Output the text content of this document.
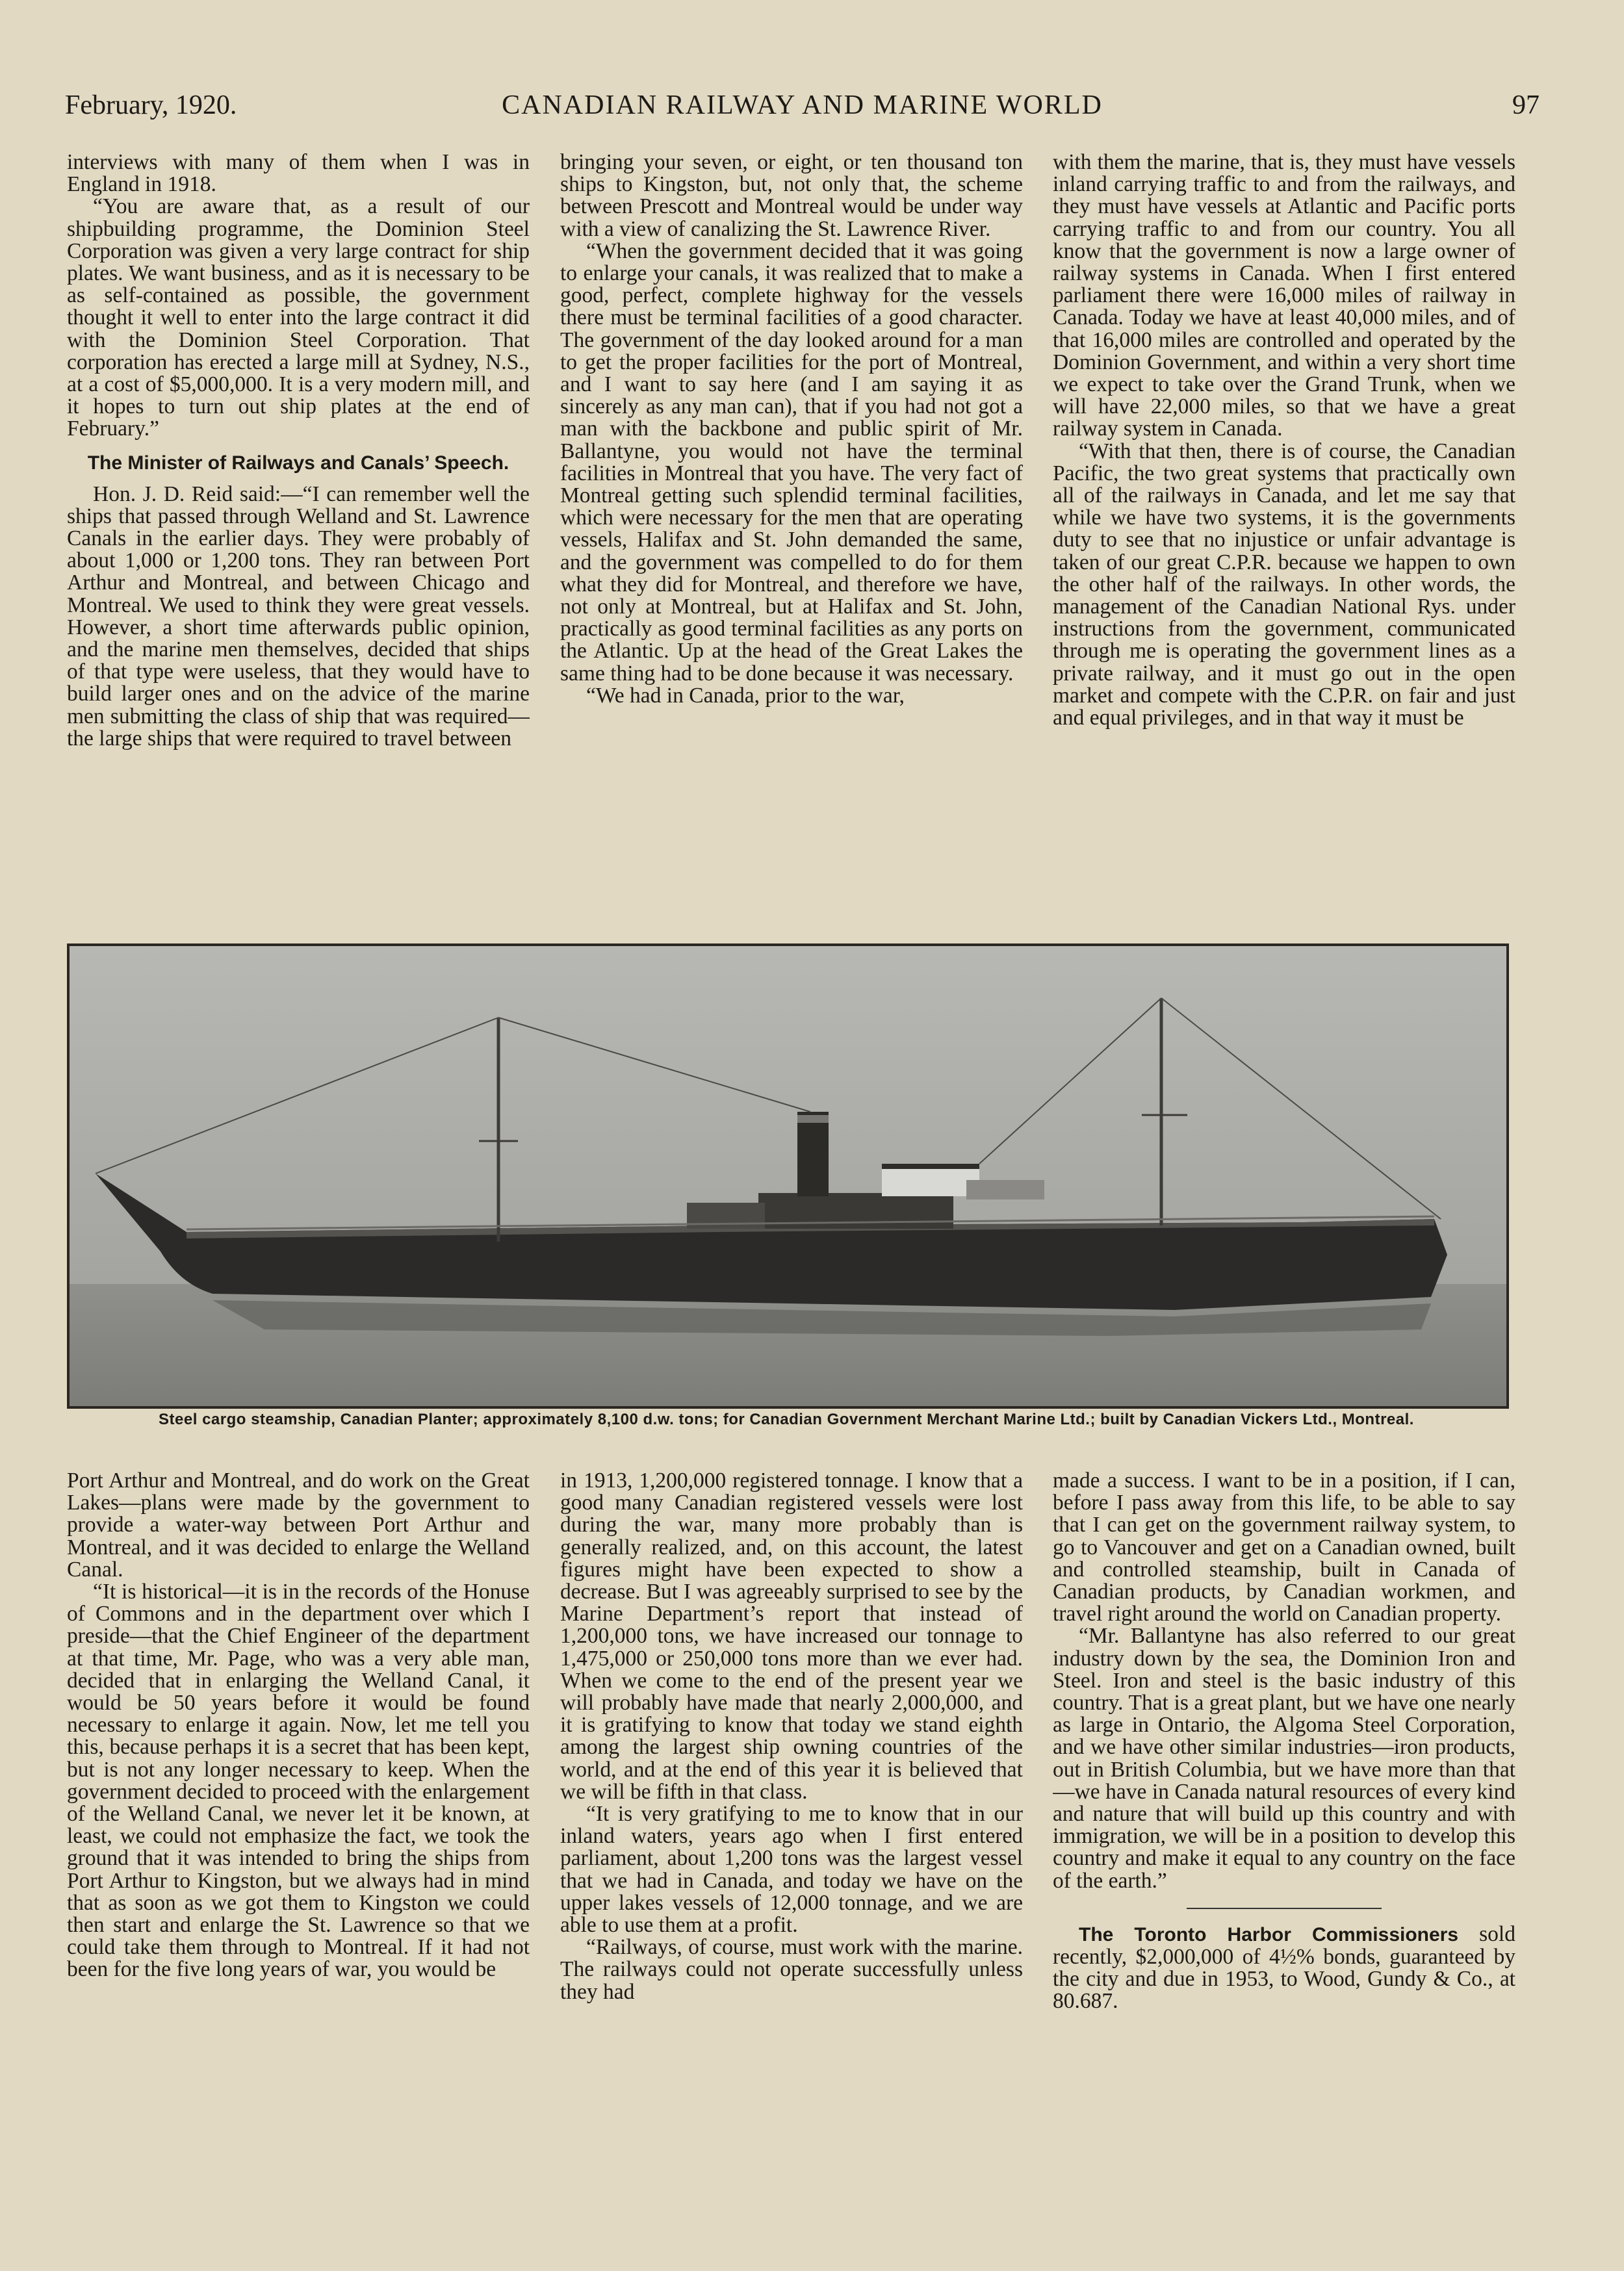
February, 1920.	CANADIAN RAILWAY AND MARINE WORLD	97

interviews with many of them when I was in England in 1918.

“You are aware that, as a result of our shipbuilding programme, the Dominion Steel Corporation was given a very large contract for ship plates. We want business, and as it is necessary to be as self-contained as possible, the government thought it well to enter into the large contract it did with the Dominion Steel Corporation. That corporation has erected a large mill at Sydney, N.S., at a cost of $5,000,000. It is a very modern mill, and it hopes to turn out ship plates at the end of February.”

The Minister of Railways and Canals’ Speech.

Hon. J. D. Reid said:—“I can remember well the ships that passed through Welland and St. Lawrence Canals in the earlier days. They were probably of about 1,000 or 1,200 tons. They ran between Port Arthur and Montreal, and between Chicago and Montreal. We used to think they were great vessels. However, a short time afterwards public opinion, and the marine men themselves, decided that ships of that type were useless, that they would have to build larger ones and on the advice of the marine men submitting the class of ship that was required—the large ships that were required to travel between

bringing your seven, or eight, or ten thousand ton ships to Kingston, but, not only that, the scheme between Prescott and Montreal would be under way with a view of canalizing the St. Lawrence River.

“When the government decided that it was going to enlarge your canals, it was realized that to make a good, perfect, complete highway for the vessels there must be terminal facilities of a good character. The government of the day looked around for a man to get the proper facilities for the port of Montreal, and I want to say here (and I am saying it as sincerely as any man can), that if you had not got a man with the backbone and public spirit of Mr. Ballantyne, you would not have the terminal facilities in Montreal that you have. The very fact of Montreal getting such splendid terminal facilities, which were necessary for the men that are operating vessels, Halifax and St. John demanded the same, and the government was compelled to do for them what they did for Montreal, and therefore we have, not only at Montreal, but at Halifax and St. John, practically as good terminal facilities as any ports on the Atlantic. Up at the head of the Great Lakes the same thing had to be done because it was necessary.

“We had in Canada, prior to the war,

with them the marine, that is, they must have vessels inland carrying traffic to and from the railways, and they must have vessels at Atlantic and Pacific ports carrying traffic to and from our country. You all know that the government is now a large owner of railway systems in Canada. When I first entered parliament there were 16,000 miles of railway in Canada. Today we have at least 40,000 miles, and of that 16,000 miles are controlled and operated by the Dominion Government, and within a very short time we expect to take over the Grand Trunk, when we will have 22,000 miles, so that we have a great railway system in Canada.

“With that then, there is of course, the Canadian Pacific, the two great systems that practically own all of the railways in Canada, and let me say that while we have two systems, it is the governments duty to see that no injustice or unfair advantage is taken of our great C.P.R. because we happen to own the other half of the railways. In other words, the management of the Canadian National Rys. under instructions from the government, communicated through me is operating the government lines as a private railway, and it must go out in the open market and compete with the C.P.R. on fair and just and equal privileges, and in that way it must be

Steel cargo steamship, Canadian Planter; approximately 8,100 d.w. tons; for Canadian Government Merchant Marine Ltd.; built by Canadian Vickers Ltd., Montreal.

Port Arthur and Montreal, and do work on the Great Lakes—plans were made by the government to provide a water-way between Port Arthur and Montreal, and it was decided to enlarge the Welland Canal.

“It is historical—it is in the records of the Honuse of Commons and in the department over which I preside—that the Chief Engineer of the department at that time, Mr. Page, who was a very able man, decided that in enlarging the Welland Canal, it would be 50 years before it would be found necessary to enlarge it again. Now, let me tell you this, because perhaps it is a secret that has been kept, but is not any longer necessary to keep. When the government decided to proceed with the enlargement of the Welland Canal, we never let it be known, at least, we could not emphasize the fact, we took the ground that it was intended to bring the ships from Port Arthur to Kingston, but we always had in mind that as soon as we got them to Kingston we could then start and enlarge the St. Lawrence so that we could take them through to Montreal. If it had not been for the five long years of war, you would be

in 1913, 1,200,000 registered tonnage. I know that a good many Canadian registered vessels were lost during the war, many more probably than is generally realized, and, on this account, the latest figures might have been expected to show a decrease. But I was agreeably surprised to see by the Marine Department’s report that instead of 1,200,000 tons, we have increased our tonnage to 1,475,000 or 250,000 tons more than we ever had. When we come to the end of the present year we will probably have made that nearly 2,000,000, and it is gratifying to know that today we stand eighth among the largest ship owning countries of the world, and at the end of this year it is believed that we will be fifth in that class.

“It is very gratifying to me to know that in our inland waters, years ago when I first entered parliament, about 1,200 tons was the largest vessel that we had in Canada, and today we have on the upper lakes vessels of 12,000 tonnage, and we are able to use them at a profit.

“Railways, of course, must work with the marine. The railways could not operate successfully unless they had

made a success. I want to be in a position, if I can, before I pass away from this life, to be able to say that I can get on the government railway system, to go to Vancouver and get on a Canadian owned, built and controlled steamship, built in Canada of Canadian products, by Canadian workmen, and travel right around the world on Canadian property.

“Mr. Ballantyne has also referred to our great industry down by the sea, the Dominion Iron and Steel. Iron and steel is the basic industry of this country. That is a great plant, but we have one nearly as large in Ontario, the Algoma Steel Corporation, and we have other similar industries—iron products, out in British Columbia, but we have more than that—we have in Canada natural resources of every kind and nature that will build up this country and with immigration, we will be in a position to develop this country and make it equal to any country on the face of the earth.”

The Toronto Harbor Commissioners sold recently, $2,000,000 of 4½% bonds, guaranteed by the city and due in 1953, to Wood, Gundy & Co., at 80.687.
